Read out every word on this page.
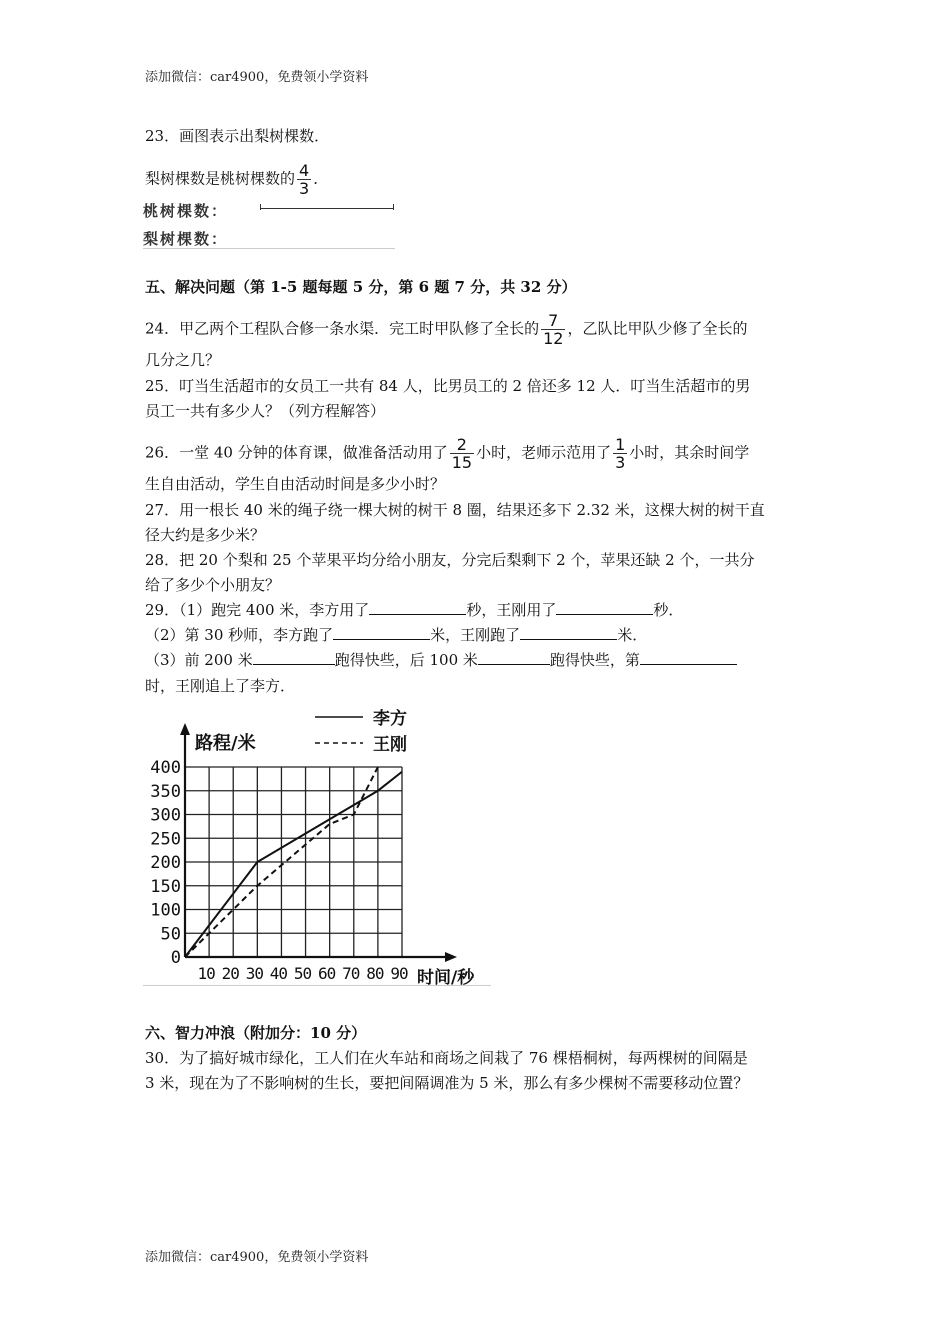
添加微信：car4900，免费领小学资料
23．画图表示出梨树棵数．
梨树棵数是桃树棵数的 $\frac{4}{3}$ ．
桃树棵数：
梨树棵数：
五、解决问题（第 1-5 题每题 5 分，第 6 题 7 分，共 32 分）
24．甲乙两个工程队合修一条水渠．完工时甲队修了全长的 $\frac{7}{12}$ ，乙队比甲队少修了全长的
几分之几？
25．叮当生活超市的女员工一共有 84 人，比男员工的 2 倍还多 12 人．叮当生活超市的男
员工一共有多少人？（列方程解答）
26．一堂 40 分钟的体育课，做准备活动用了 $\frac{2}{15}$ 小时，老师示范用了 $\frac{1}{3}$ 小时，其余时间学
生自由活动，学生自由活动时间是多少小时？
27．用一根长 40 米的绳子绕一棵大树的树干 8 圈，结果还多下 2.32 米，这棵大树的树干直
径大约是多少米？
28．把 20 个梨和 25 个苹果平均分给小朋友，分完后梨剩下 2 个，苹果还缺 2 个，一共分
给了多少个小朋友？
29．（1）跑完 400 米，李方用了	秒，王刚用了	秒．
（2）第 30 秒师，李方跑了	米，王刚跑了	米．
（3）前 200 米	跑得快些，后 100 米	跑得快些，第
时，王刚追上了李方．
0
50
100
150
200
250
300
350
400
10 20 30 40 50 60 70 80 90
路程/米
时间/秒
李方
王刚
六、智力冲浪（附加分：10 分）
30．为了搞好城市绿化，工人们在火车站和商场之间栽了 76 棵梧桐树，每两棵树的间隔是
3 米，现在为了不影响树的生长，要把间隔调准为 5 米，那么有多少棵树不需要移动位置？
添加微信：car4900，免费领小学资料
